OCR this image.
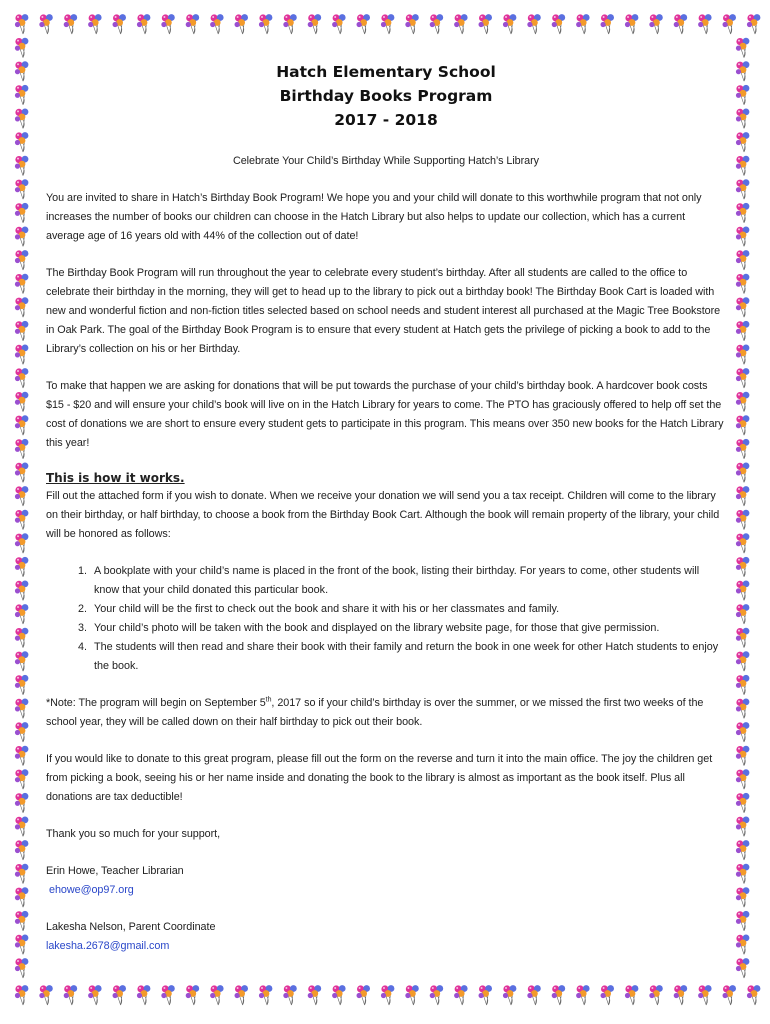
Hatch Elementary School
Birthday Books Program
2017 - 2018

Celebrate Your Child’s Birthday While Supporting Hatch’s Library

You are invited to share in Hatch’s Birthday Book Program! We hope you and your child will donate to this worthwhile program that not only increases the number of books our children can choose in the Hatch Library but also helps to update our collection, which has a current average age of 16 years old with 44% of the collection out of date!

The Birthday Book Program will run throughout the year to celebrate every student’s birthday. After all students are called to the office to celebrate their birthday in the morning, they will get to head up to the library to pick out a birthday book! The Birthday Book Cart is loaded with new and wonderful fiction and non-fiction titles selected based on school needs and student interest all purchased at the Magic Tree Bookstore in Oak Park. The goal of the Birthday Book Program is to ensure that every student at Hatch gets the privilege of picking a book to add to the Library’s collection on his or her Birthday.

To make that happen we are asking for donations that will be put towards the purchase of your child’s birthday book. A hardcover book costs $15 - $20 and will ensure your child’s book will live on in the Hatch Library for years to come. The PTO has graciously offered to help off set the cost of donations we are short to ensure every student gets to participate in this program. This means over 350 new books for the Hatch Library this year!

This is how it works.

Fill out the attached form if you wish to donate. When we receive your donation we will send you a tax receipt. Children will come to the library on their birthday, or half birthday, to choose a book from the Birthday Book Cart. Although the book will remain property of the library, your child will be honored as follows:

1. A bookplate with your child’s name is placed in the front of the book, listing their birthday. For years to come, other students will know that your child donated this particular book.
2. Your child will be the first to check out the book and share it with his or her classmates and family.
3. Your child’s photo will be taken with the book and displayed on the library website page, for those that give permission.
4. The students will then read and share their book with their family and return the book in one week for other Hatch students to enjoy the book.

*Note: The program will begin on September 5th, 2017 so if your child’s birthday is over the summer, or we missed the first two weeks of the school year, they will be called down on their half birthday to pick out their book.

If you would like to donate to this great program, please fill out the form on the reverse and turn it into the main office. The joy the children get from picking a book, seeing his or her name inside and donating the book to the library is almost as important as the book itself. Plus all donations are tax deductible!

Thank you so much for your support,

Erin Howe, Teacher Librarian

ehowe@op97.org

Lakesha Nelson, Parent Coordinate

lakesha.2678@gmail.com
